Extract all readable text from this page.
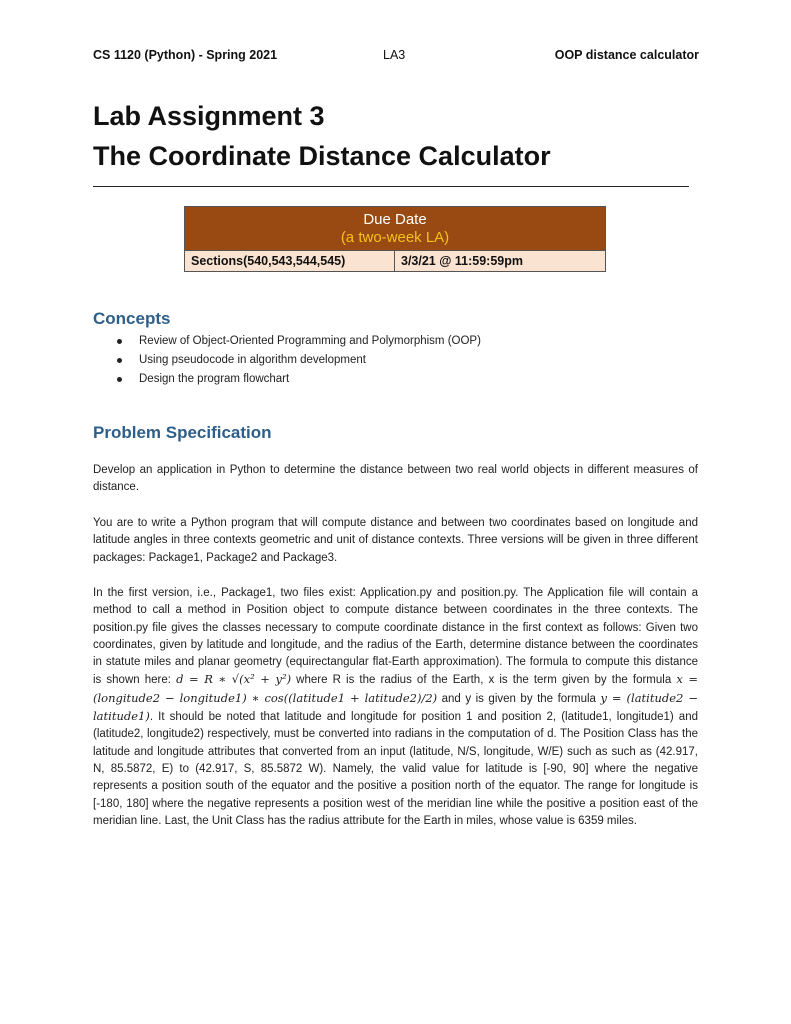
CS 1120 (Python) - Spring 2021	LA3	OOP distance calculator
Lab Assignment 3
The Coordinate Distance Calculator
Due Date
(a two-week LA)

Sections(540,543,544,545)	3/3/21 @ 11:59:59pm
Concepts
Review of Object-Oriented Programming and Polymorphism (OOP)
Using pseudocode in algorithm development
Design the program flowchart
Problem Specification

Develop an application in Python to determine the distance between two real world objects in different measures of distance.

You are to write a Python program that will compute distance and between two coordinates based on longitude and latitude angles in three contexts geometric and unit of distance contexts. Three versions will be given in three different packages: Package1, Package2 and Package3.

In the first version, i.e., Package1, two files exist: Application.py and position.py. The Application file will contain a method to call a method in Position object to compute distance between coordinates in the three contexts. The position.py file gives the classes necessary to compute coordinate distance in the first context as follows: Given two coordinates, given by latitude and longitude, and the radius of the Earth, determine distance between the coordinates in statute miles and planar geometry (equirectangular flat-Earth approximation). The formula to compute this distance is shown here: d = R ∗ √(x² + y²) where R is the radius of the Earth, x is the term given by the formula x = (longitude2 − longitude1) ∗ cos((latitude1 + latitude2)/2) and y is given by the formula y = (latitude2 − latitude1). It should be noted that latitude and longitude for position 1 and position 2, (latitude1, longitude1) and (latitude2, longitude2) respectively, must be converted into radians in the computation of d. The Position Class has the latitude and longitude attributes that converted from an input (latitude, N/S, longitude, W/E) such as such as (42.917, N, 85.5872, E) to (42.917, S, 85.5872 W). Namely, the valid value for latitude is [-90, 90] where the negative represents a position south of the equator and the positive a position north of the equator. The range for longitude is [-180, 180] where the negative represents a position west of the meridian line while the positive a position east of the meridian line. Last, the Unit Class has the radius attribute for the Earth in miles, whose value is 6359 miles.
